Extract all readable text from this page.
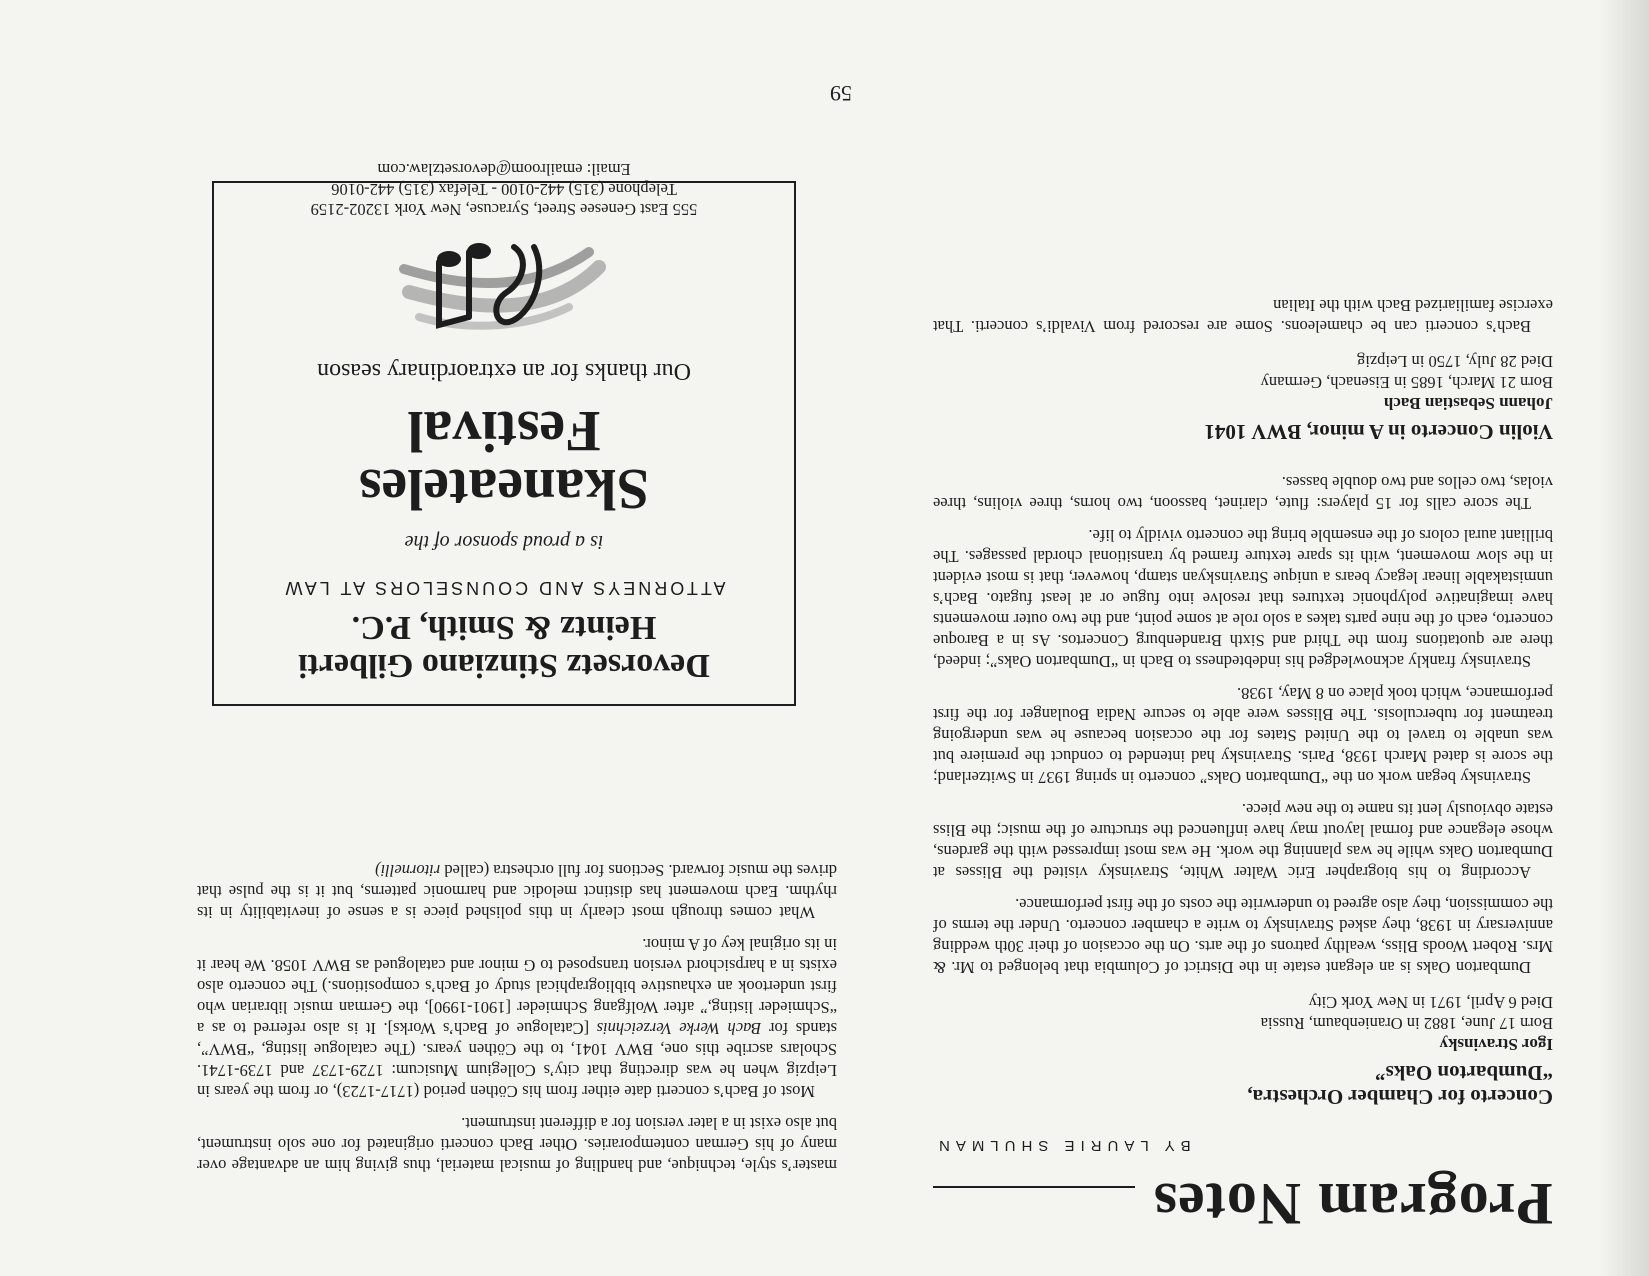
Program Notes
BY LAURIE SHULMAN
Concerto for Chamber Orchestra,
“Dumbarton Oaks”
Igor Stravinsky
Born 17 June, 1882 in Oranienbaum, Russia
Died 6 April, 1971 in New York City

Dumbarton Oaks is an elegant estate in the District of Columbia that belonged to Mr. & Mrs. Robert Woods Bliss, wealthy patrons of the arts. On the occasion of their 30th wedding anniversary in 1938, they asked Stravinsky to write a chamber concerto. Under the terms of the commission, they also agreed to underwrite the costs of the first performance.

According to his biographer Eric Walter White, Stravinsky visited the Blisses at Dumbarton Oaks while he was planning the work. He was most impressed with the gardens, whose elegance and formal layout may have influenced the structure of the music; the Bliss estate obviously lent its name to the new piece.

Stravinsky began work on the “Dumbarton Oaks” concerto in spring 1937 in Switzerland; the score is dated March 1938, Paris. Stravinsky had intended to conduct the premiere but was unable to travel to the United States for the occasion because he was undergoing treatment for tuberculosis. The Blisses were able to secure Nadia Boulanger for the first performance, which took place on 8 May, 1938.

Stravinsky frankly acknowledged his indebtedness to Bach in “Dumbarton Oaks”; indeed, there are quotations from the Third and Sixth Brandenburg Concertos. As in a Baroque concerto, each of the nine parts takes a solo role at some point, and the two outer movements have imaginative polyphonic textures that resolve into fugue or at least fugato. Bach’s unmistakable linear legacy bears a unique Stravinskyan stamp, however, that is most evident in the slow movement, with its spare texture framed by transitional chordal passages. The brilliant aural colors of the ensemble bring the concerto vividly to life.

The score calls for 15 players: flute, clarinet, bassoon, two horns, three violins, three violas, two cellos and two double basses.

Violin Concerto in A minor, BWV 1041
Johann Sebastian Bach
Born 21 March, 1685 in Eisenach, Germany
Died 28 July, 1750 in Leipzig

Bach’s concerti can be chameleons. Some are rescored from Vivaldi’s concerti. That exercise familiarized Bach with the Italian

master’s style, technique, and handling of musical material, thus giving him an advantage over many of his German contemporaries. Other Bach concerti originated for one solo instrument, but also exist in a later version for a different instrument.

Most of Bach’s concerti date either from his Cöthen period (1717-1723), or from the years in Leipzig when he was directing that city’s Collegium Musicum: 1729-1737 and 1739-1741. Scholars ascribe this one, BWV 1041, to the Cöthen years. (The catalogue listing, “BWV”, stands for Bach Werke Verzeichnis [Catalogue of Bach’s Works]. It is also referred to as a “Schmieder listing,” after Wolfgang Schmieder [1901-1990], the German music librarian who first undertook an exhaustive bibliographical study of Bach’s compositions.) The concerto also exists in a harpsichord version transposed to G minor and catalogued as BWV 1058. We hear it in its original key of A minor.

What comes through most clearly in this polished piece is a sense of inevitability in its rhythm. Each movement has distinct melodic and harmonic patterns, but it is the pulse that drives the music forward. Sections for full orchestra (called ritornelli)

Devorsetz Stinziano Gilberti
Heintz & Smith, P.C.
ATTORNEYS AND COUNSELORS AT LAW
is a proud sponsor of the
Skaneateles
Festival
Our thanks for an extraordinary season
555 East Genesee Street, Syracuse, New York 13202-2159
Telephone (315) 442-0100 - Telefax (315) 442-0106
Email: emailroom@devorsetzlaw.com
59
